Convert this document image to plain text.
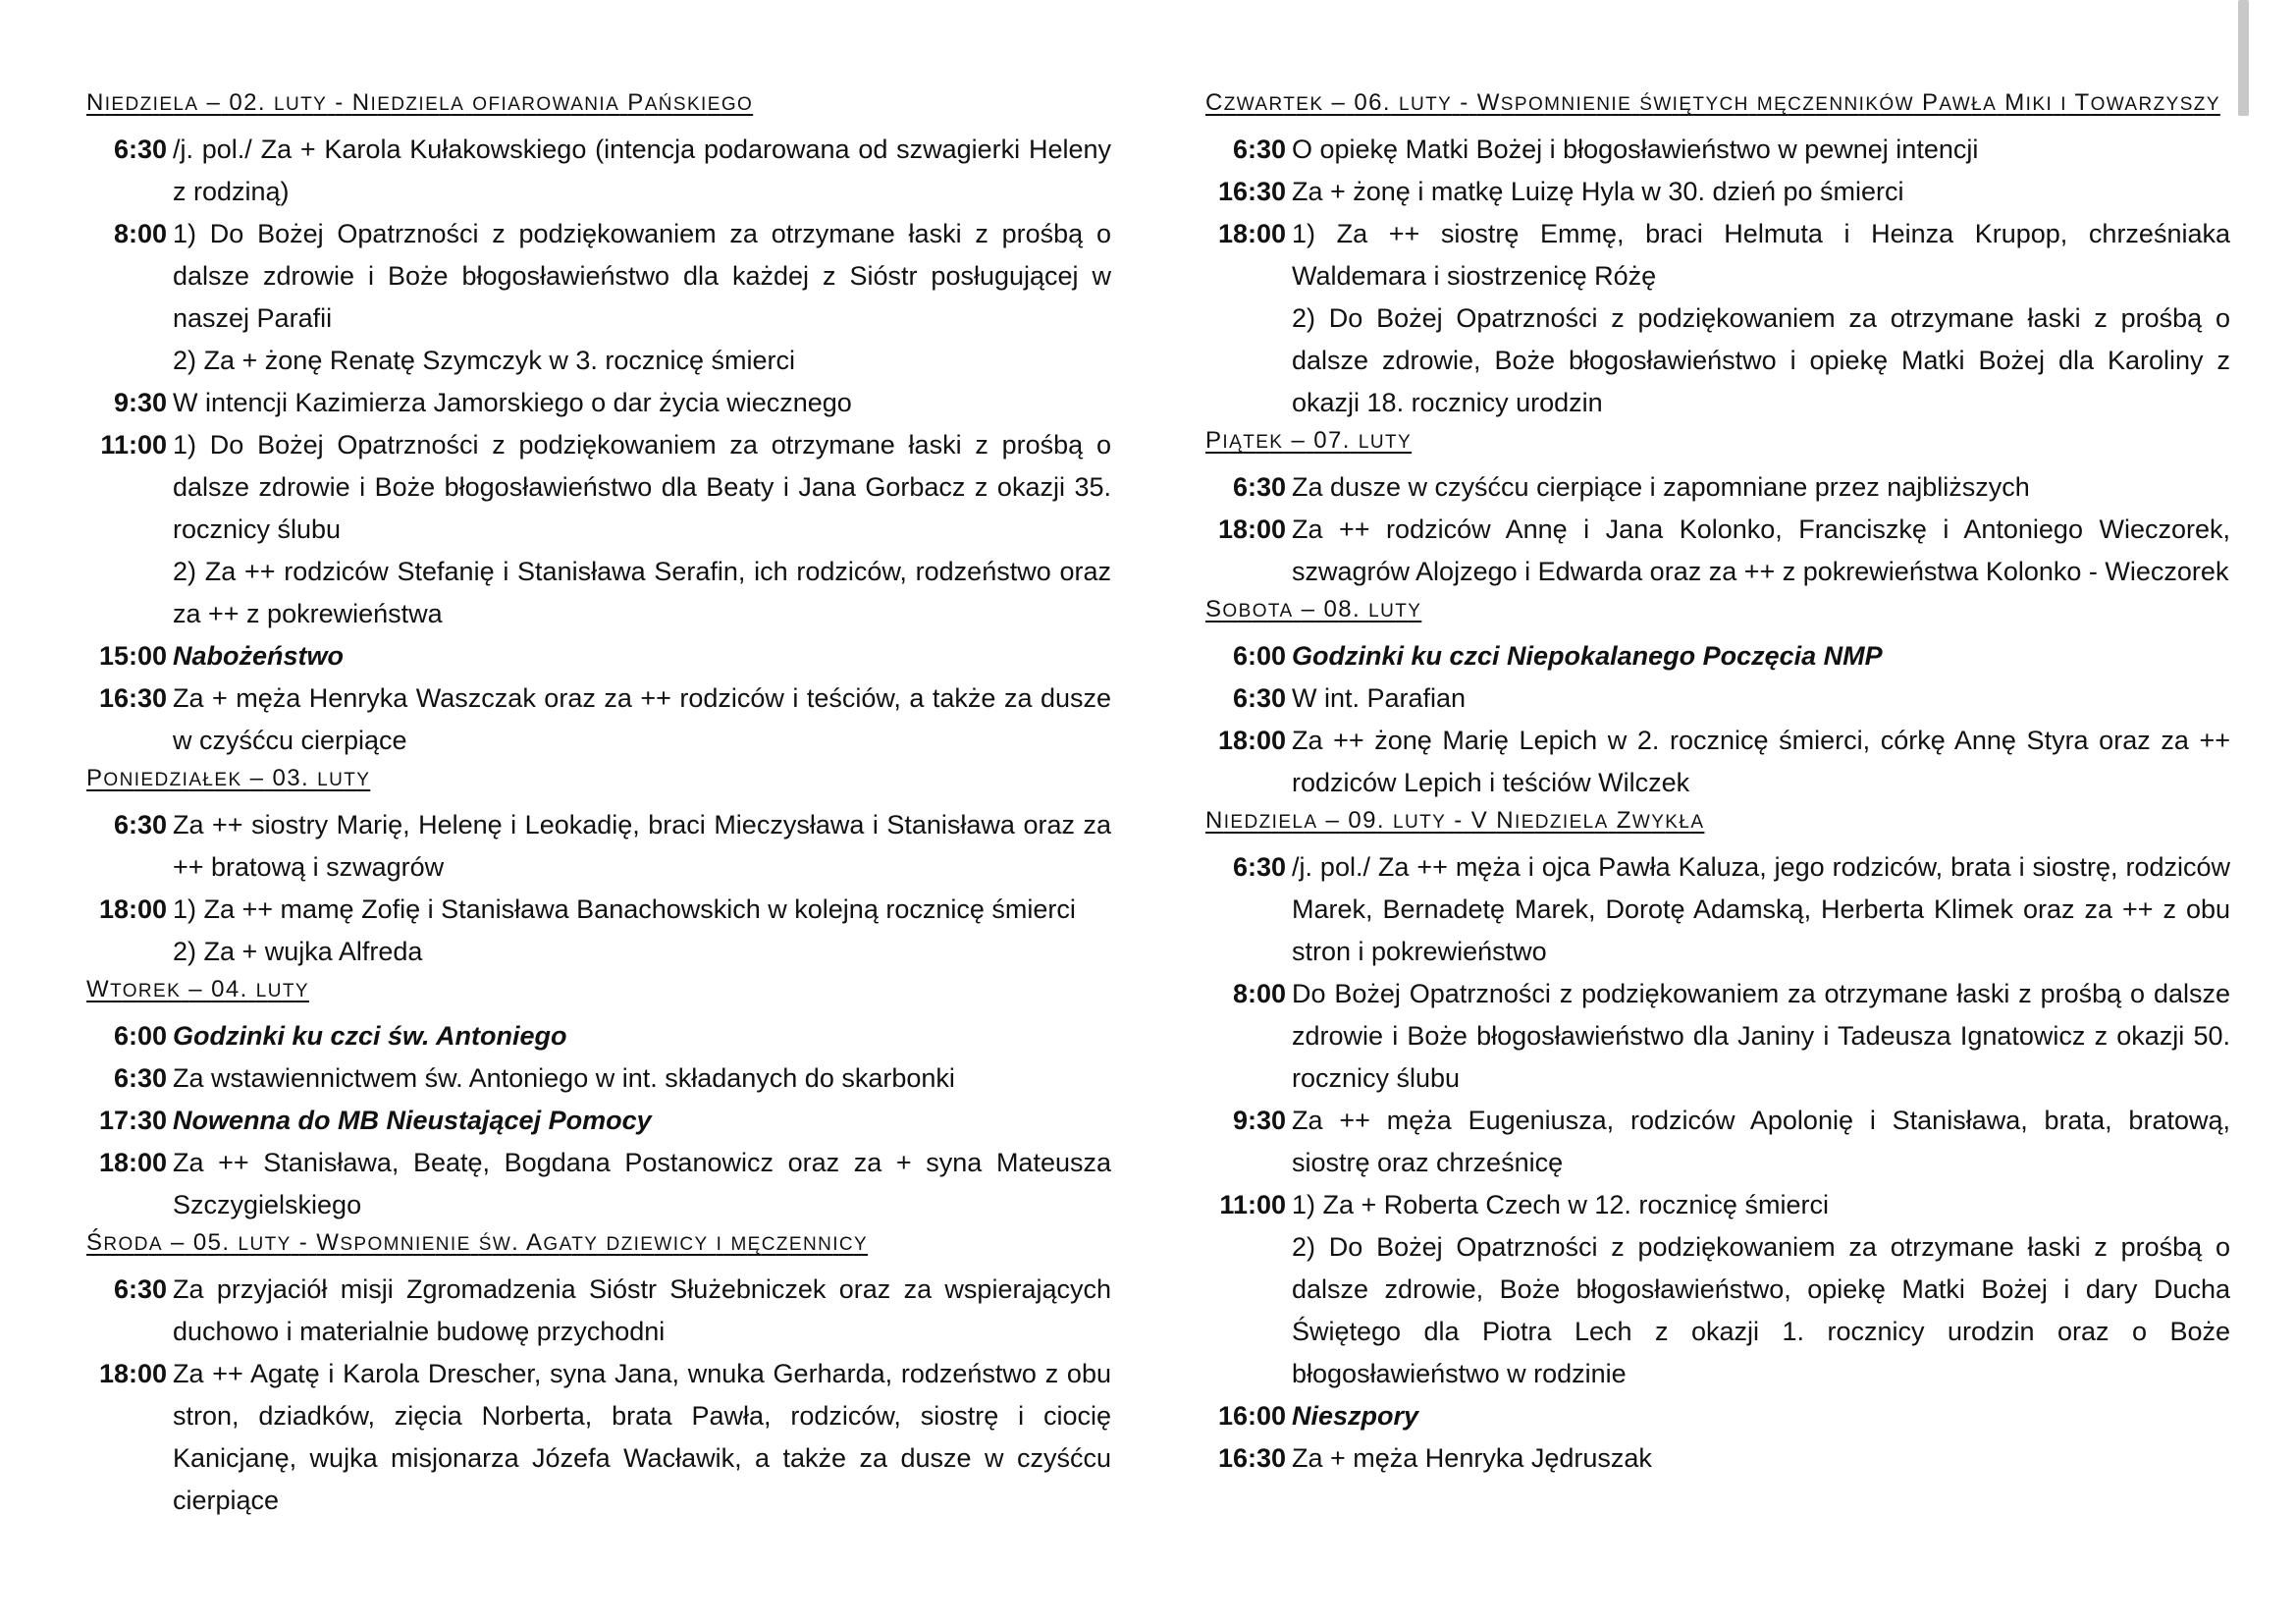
NIEDZIELA – 02. LUTY - NIEDZIELA OFIAROWANIA PAŃSKIEGO
6:30 /j. pol./ Za + Karola Kułakowskiego (intencja podarowana od szwagierki Heleny z rodziną)
8:00 1) Do Bożej Opatrzności z podziękowaniem za otrzymane łaski z prośbą o dalsze zdrowie i Boże błogosławieństwo dla każdej z Sióstr posługującej w naszej Parafii
2) Za + żonę Renatę Szymczyk w 3. rocznicę śmierci
9:30 W intencji Kazimierza Jamorskiego o dar życia wiecznego
11:00 1) Do Bożej Opatrzności z podziękowaniem za otrzymane łaski z prośbą o dalsze zdrowie i Boże błogosławieństwo dla Beaty i Jana Gorbacz z okazji 35. rocznicy ślubu
2) Za ++ rodziców Stefanię i Stanisława Serafin, ich rodziców, rodzeństwo oraz za ++ z pokrewieństwa
15:00 Nabożeństwo
16:30 Za + męża Henryka Waszczak oraz za ++ rodziców i teściów, a także za dusze w czyśćcu cierpiące
PONIEDZIAŁEK – 03. LUTY
6:30 Za ++ siostry Marię, Helenę i Leokadię, braci Mieczysława i Stanisława oraz za ++ bratową i szwagrów
18:00 1) Za ++ mamę Zofię i Stanisława Banachowskich w kolejną rocznicę śmierci
2) Za + wujka Alfreda
WTOREK – 04. LUTY
6:00 Godzinki ku czci św. Antoniego
6:30 Za wstawiennictwem św. Antoniego w int. składanych do skarbonki
17:30 Nowenna do MB Nieustającej Pomocy
18:00 Za ++ Stanisława, Beatę, Bogdana Postanowicz oraz za + syna Mateusza Szczygielskiego
ŚRODA – 05. LUTY - WSPOMNIENIE ŚW. AGATY DZIEWICY I MĘCZENNICY
6:30 Za przyjaciół misji Zgromadzenia Sióstr Służebniczek oraz za wspierających duchowo i materialnie budowę przychodni
18:00 Za ++ Agatę i Karola Drescher, syna Jana, wnuka Gerharda, rodzeństwo z obu stron, dziadków, zięcia Norberta, brata Pawła, rodziców, siostrę i ciocię Kanicjanę, wujka misjonarza Józefa Wacławik, a także za dusze w czyśćcu cierpiące
CZWARTEK – 06. LUTY - WSPOMNIENIE ŚWIĘTYCH MĘCZENNIKÓW PAWŁA MIKI I TOWARZYSZY
6:30 O opiekę Matki Bożej i błogosławieństwo w pewnej intencji
16:30 Za + żonę i matkę Luizę Hyla w 30. dzień po śmierci
18:00 1) Za ++ siostrę Emmę, braci Helmuta i Heinza Krupop, chrześniaka Waldemara i siostrzenicę Różę
2) Do Bożej Opatrzności z podziękowaniem za otrzymane łaski z prośbą o dalsze zdrowie, Boże błogosławieństwo i opiekę Matki Bożej dla Karoliny z okazji 18. rocznicy urodzin
PIĄTEK – 07. LUTY
6:30 Za dusze w czyśćcu cierpiące i zapomniane przez najbliższych
18:00 Za ++ rodziców Annę i Jana Kolonko, Franciszkę i Antoniego Wieczorek, szwagrów Alojzego i Edwarda oraz za ++ z pokrewieństwa Kolonko - Wieczorek
SOBOTA – 08. LUTY
6:00 Godzinki ku czci Niepokalanego Poczęcia NMP
6:30 W int. Parafian
18:00 Za ++ żonę Marię Lepich w 2. rocznicę śmierci, córkę Annę Styra oraz za ++ rodziców Lepich i teściów Wilczek
NIEDZIELA – 09. LUTY - V NIEDZIELA ZWYKŁA
6:30 /j. pol./ Za ++ męża i ojca Pawła Kaluza, jego rodziców, brata i siostrę, rodziców Marek, Bernadetę Marek, Dorotę Adamską, Herberta Klimek oraz za ++ z obu stron i pokrewieństwo
8:00 Do Bożej Opatrzności z podziękowaniem za otrzymane łaski z prośbą o dalsze zdrowie i Boże błogosławieństwo dla Janiny i Tadeusza Ignatowicz z okazji 50. rocznicy ślubu
9:30 Za ++ męża Eugeniusza, rodziców Apolonię i Stanisława, brata, bratową, siostrę oraz chrześnicę
11:00 1) Za + Roberta Czech w 12. rocznicę śmierci
2) Do Bożej Opatrzności z podziękowaniem za otrzymane łaski z prośbą o dalsze zdrowie, Boże błogosławieństwo, opiekę Matki Bożej i dary Ducha Świętego dla Piotra Lech z okazji 1. rocznicy urodzin oraz o Boże błogosławieństwo w rodzinie
16:00 Nieszpory
16:30 Za + męża Henryka Jędruszak
